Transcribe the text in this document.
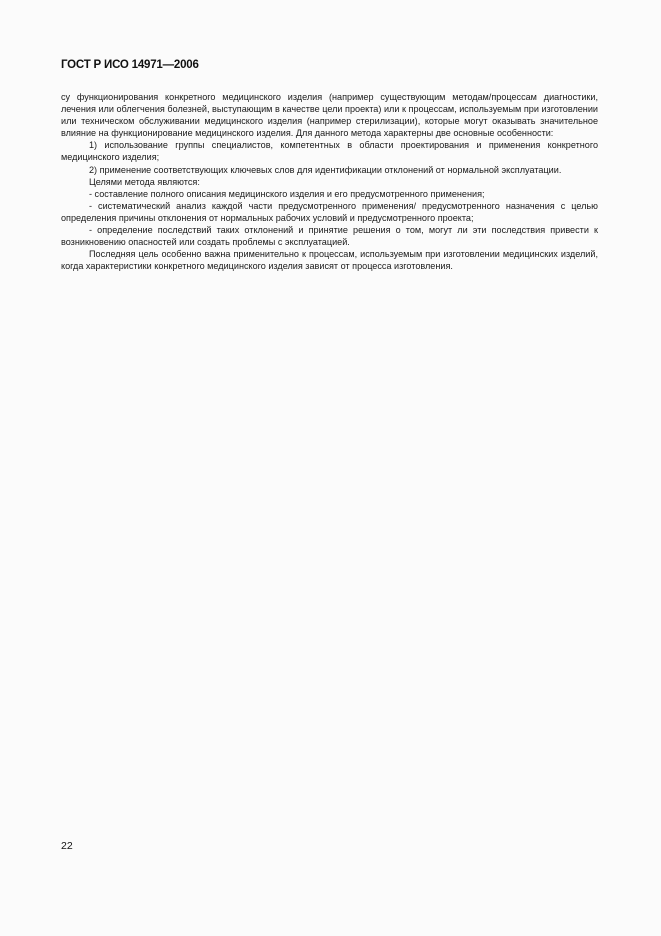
ГОСТ Р ИСО 14971—2006

су функционирования конкретного медицинского изделия (например существующим методам/процессам диагностики, лечения или облегчения болезней, выступающим в качестве цели проекта) или к процессам, используемым при изготовлении или техническом обслуживании медицинского изделия (например стерилизации), которые могут оказывать значительное влияние на функционирование медицинского изделия. Для данного метода характерны две основные особенности:

1) использование группы специалистов, компетентных в области проектирования и применения конкретного медицинского изделия;

2) применение соответствующих ключевых слов для идентификации отклонений от нормальной эксплуатации.

Целями метода являются:

- составление полного описания медицинского изделия и его предусмотренного применения;

- систематический анализ каждой части предусмотренного применения/ предусмотренного назначения с целью определения причины отклонения от нормальных рабочих условий и предусмотренного проекта;

- определение последствий таких отклонений и принятие решения о том, могут ли эти последствия привести к возникновению опасностей или создать проблемы с эксплуатацией.

Последняя цель особенно важна применительно к процессам, используемым при изготовлении медицинских изделий, когда характеристики конкретного медицинского изделия зависят от процесса изготовления.

22
